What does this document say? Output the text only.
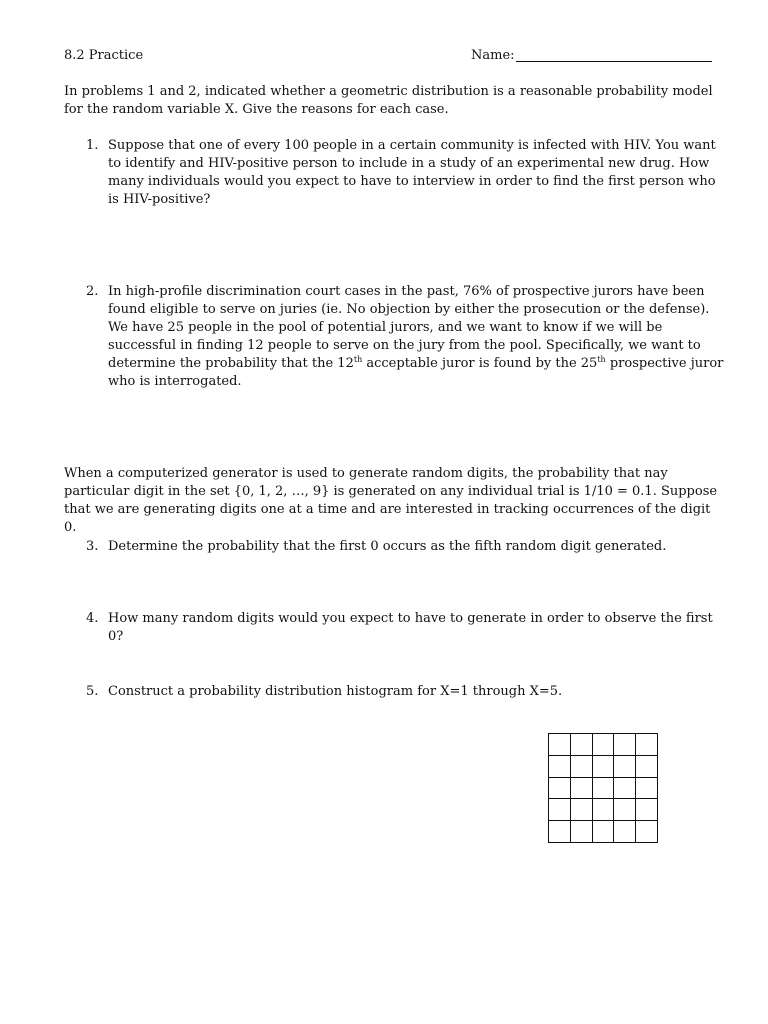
8.2 Practice	Name:
In problems 1 and 2, indicated whether a geometric distribution is a reasonable probability model for the random variable X. Give the reasons for each case.
1. Suppose that one of every 100 people in a certain community is infected with HIV. You want to identify and HIV-positive person to include in a study of an experimental new drug. How many individuals would you expect to have to interview in order to find the first person who is HIV-positive?
2. In high-profile discrimination court cases in the past, 76% of prospective jurors have been found eligible to serve on juries (ie. No objection by either the prosecution or the defense). We have 25 people in the pool of potential jurors, and we want to know if we will be successful in finding 12 people to serve on the jury from the pool. Specifically, we want to determine the probability that the 12th acceptable juror is found by the 25th prospective juror who is interrogated.
When a computerized generator is used to generate random digits, the probability that nay particular digit in the set {0, 1, 2, …, 9} is generated on any individual trial is 1/10 = 0.1. Suppose that we are generating digits one at a time and are interested in tracking occurrences of the digit 0.
3. Determine the probability that the first 0 occurs as the fifth random digit generated.
4. How many random digits would you expect to have to generate in order to observe the first 0?
5. Construct a probability distribution histogram for X=1 through X=5.
